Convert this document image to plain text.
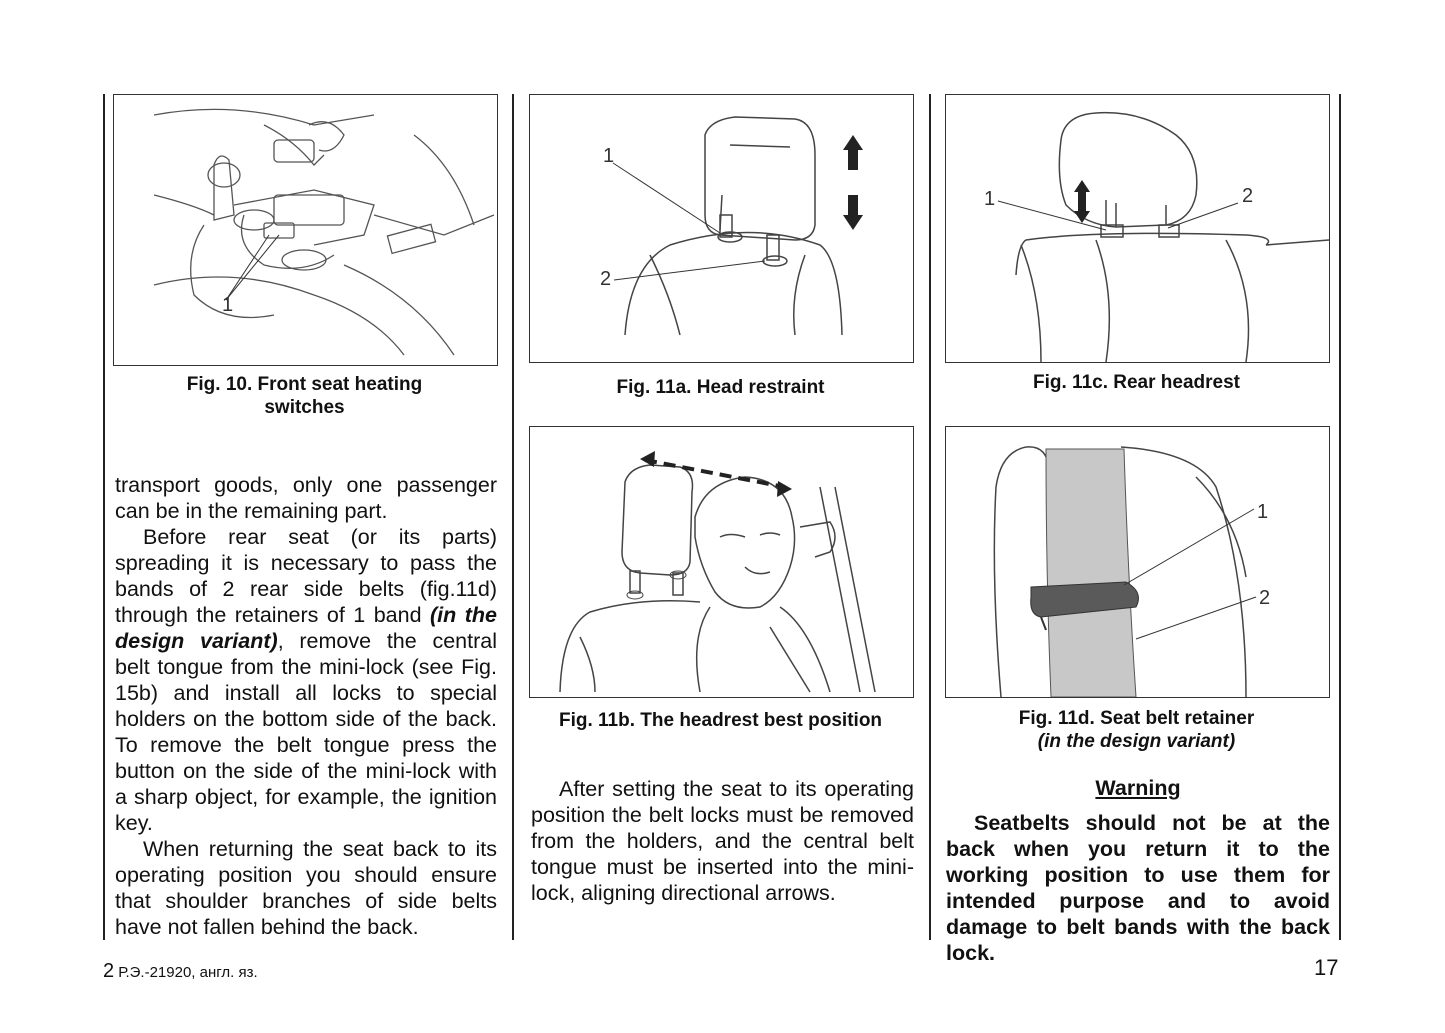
1
Fig. 10. Front seat heating
switches

transport goods, only one passenger can be in the remaining part.

Before rear seat (or its parts) spreading it is necessary to pass the bands of 2 rear side belts (fig.11d) through the retainers of 1 band (in the design variant), remove the central belt tongue from the mini-lock (see Fig. 15b) and install all locks to special holders on the bottom side of the back. To remove the belt tongue press the button on the side of the mini-lock with a sharp object, for example, the ignition key.

When returning the seat back to its operating position you should ensure that shoulder branches of side belts have not fallen behind the back.

1
2
Fig. 11a. Head restraint
Fig. 11b. The headrest best position

After setting the seat to its operating position the belt locks must be removed from the holders, and the central belt tongue must be inserted into the mini-lock, aligning directional arrows.

1	2
Fig. 11c. Rear headrest
1
2
Fig. 11d. Seat belt retainer
(in the design variant)
Warning
Seatbelts should not be at the back when you return it to the working position to use them for intended purpose and to avoid damage to belt bands with the back lock.
2 Р.Э.-21920, англ. яз.	17
